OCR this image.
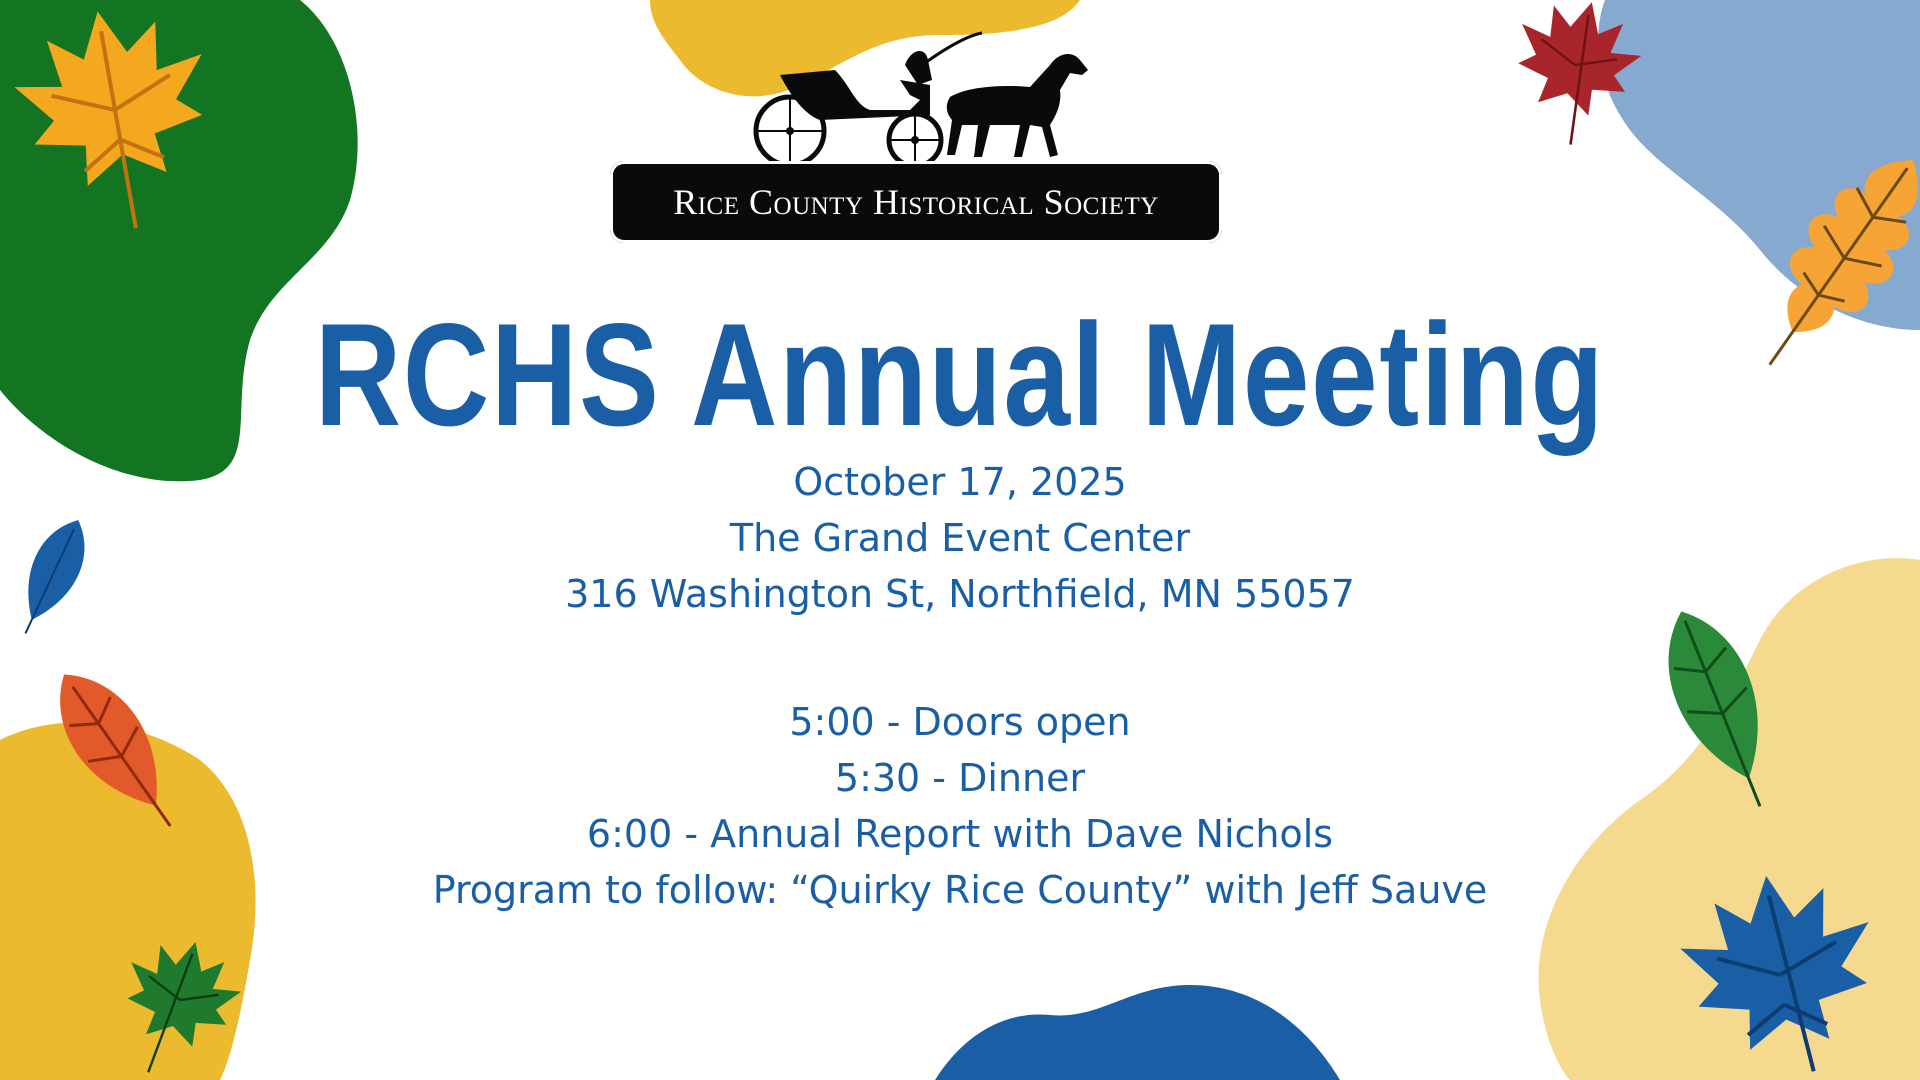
Rice County Historical Society
RCHS Annual Meeting
October 17, 2025
The Grand Event Center
316 Washington St, Northfield, MN 55057
5:00 - Doors open
5:30 - Dinner
6:00 - Annual Report with Dave Nichols
Program to follow: “Quirky Rice County” with Jeff Sauve
